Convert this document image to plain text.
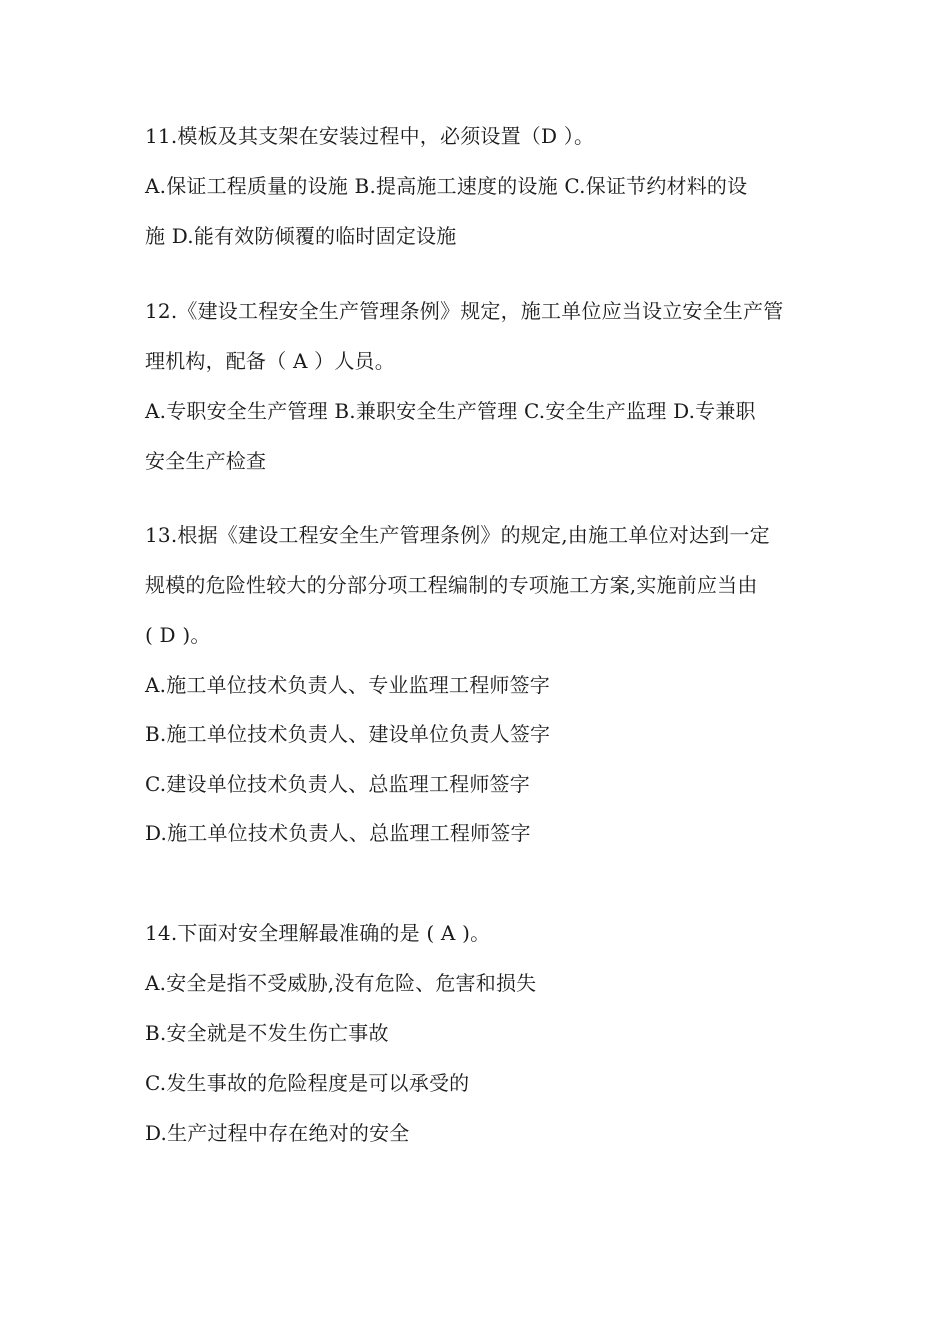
11.模板及其支架在安装过程中，必须设置（D ）。
A.保证工程质量的设施 B.提高施工速度的设施 C.保证节约材料的设
施 D.能有效防倾覆的临时固定设施
12.《建设工程安全生产管理条例》规定，施工单位应当设立安全生产管
理机构，配备（ A ）人员。
A.专职安全生产管理 B.兼职安全生产管理 C.安全生产监理 D.专兼职
安全生产检查
13.根据《建设工程安全生产管理条例》的规定,由施工单位对达到一定
规模的危险性较大的分部分项工程编制的专项施工方案,实施前应当由
( D )。
A.施工单位技术负责人、专业监理工程师签字
B.施工单位技术负责人、建设单位负责人签字
C.建设单位技术负责人、总监理工程师签字
D.施工单位技术负责人、总监理工程师签字
14.下面对安全理解最准确的是 ( A )。
A.安全是指不受威胁,没有危险、危害和损失
B.安全就是不发生伤亡事故
C.发生事故的危险程度是可以承受的
D.生产过程中存在绝对的安全
